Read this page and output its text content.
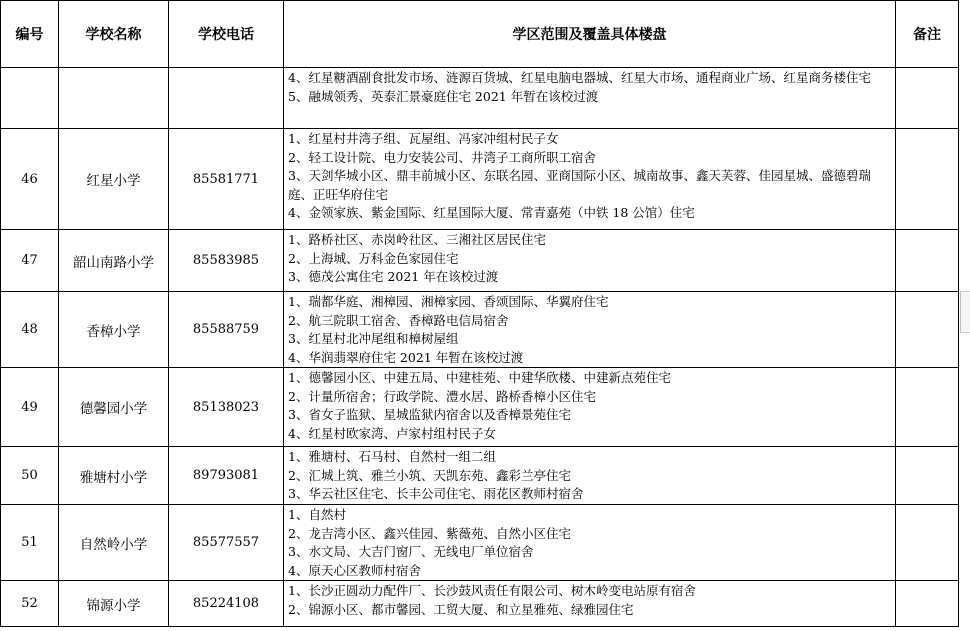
编号	学校名称	学校电话	学区范围及覆盖具体楼盘	备注

			4、红星糖酒副食批发市场、涟源百货城、红星电脑电器城、红星大市场、通程商业广场、红星商务楼住宅
5、融城领秀、英泰汇景豪庭住宅 2021 年暂在该校过渡	

46	红星小学	85581771	1、红星村井湾子组、瓦屋组、冯家冲组村民子女
2、轻工设计院、电力安装公司、井湾子工商所职工宿舍
3、天剑华城小区、鼎丰前城小区、东联名园、亚商国际小区、城南故事、鑫天芙蓉、佳园星城、盛德碧瑞庭、正旺华府住宅
4、金领家族、紫金国际、红星国际大厦、常青嘉苑（中铁 18 公馆）住宅	

47	韶山南路小学	85583985	1、路桥社区、赤岗岭社区、三湘社区居民住宅
2、上海城、万科金色家园住宅
3、德茂公寓住宅 2021 年在该校过渡	

48	香樟小学	85588759	1、瑞都华庭、湘樟园、湘樟家园、香颂国际、华翼府住宅
2、航三院职工宿舍、香樟路电信局宿舍
3、红星村北冲尾组和樟树屋组
4、华润翡翠府住宅 2021 年暂在该校过渡	

49	德馨园小学	85138023	1、德馨园小区、中建五局、中建桂苑、中建华欣楼、中建新点苑住宅
2、计量所宿舍；行政学院、澧水居、路桥香樟小区住宅
3、省女子监狱、星城监狱内宿舍以及香樟景苑住宅
4、红星村欧家湾、卢家村组村民子女	

50	雅塘村小学	89793081	1、雅塘村、石马村、自然村一组二组
2、汇城上筑、雅兰小筑、天凯东苑、鑫彩兰亭住宅
3、华云社区住宅、长丰公司住宅、雨花区教师村宿舍	

51	自然岭小学	85577557	1、自然村
2、龙吉湾小区、鑫兴佳园、紫薇苑、自然小区住宅
3、水文局、大吉门窗厂、无线电厂单位宿舍
4、原天心区教师村宿舍	

52	锦源小学	85224108	1、长沙正圆动力配件厂、长沙鼓风责任有限公司、树木岭变电站原有宿舍
2、锦源小区、都市馨园、工贸大厦、和立星雅苑、绿雅园住宅	
